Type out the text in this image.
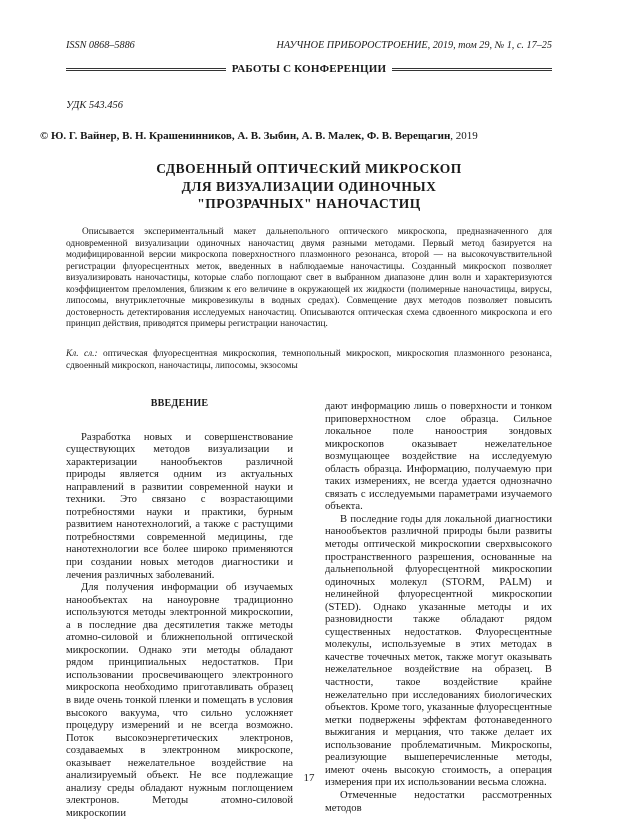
ISSN 0868–5886	НАУЧНОЕ ПРИБОРОСТРОЕНИЕ, 2019, том 29, № 1, с. 17–25
РАБОТЫ С КОНФЕРЕНЦИИ
УДК 543.456
© Ю. Г. Вайнер, В. Н. Крашенинников, А. В. Зыбин, А. В. Малек, Ф. В. Верещагин, 2019
СДВОЕННЫЙ ОПТИЧЕСКИЙ МИКРОСКОП
ДЛЯ ВИЗУАЛИЗАЦИИ ОДИНОЧНЫХ
"ПРОЗРАЧНЫХ" НАНОЧАСТИЦ
Описывается экспериментальный макет дальнепольного оптического микроскопа, предназначенного для одновременной визуализации одиночных наночастиц двумя разными методами. Первый метод базируется на модифицированной версии микроскопа поверхностного плазмонного резонанса, второй — на высокочувствительной регистрации флуоресцентных меток, введенных в наблюдаемые наночастицы. Созданный микроскоп позволяет визуализировать наночастицы, которые слабо поглощают свет в выбранном диапазоне длин волн и характеризуются коэффициентом преломления, близким к его величине в окружающей их жидкости (полимерные наночастицы, вирусы, липосомы, внутриклеточные микровезикулы в водных средах). Совмещение двух методов позволяет повысить достоверность детектирования исследуемых наночастиц. Описываются оптическая схема сдвоенного микроскопа и его принцип действия, приводятся примеры регистрации наночастиц.
Кл. сл.: оптическая флуоресцентная микроскопия, темнопольный микроскоп, микроскопия плазмонного резонанса, сдвоенный микроскоп, наночастицы, липосомы, экзосомы
ВВЕДЕНИЕ

Разработка новых и совершенствование существующих методов визуализации и характеризации нанообъектов различной природы является одним из актуальных направлений в развитии современной науки и техники. Это связано с возрастающими потребностями науки и практики, бурным развитием нанотехнологий, а также с растущими потребностями современной медицины, где нанотехнологии все более широко применяются при создании новых методов диагностики и лечения различных заболеваний.

Для получения информации об изучаемых нанообъектах на наноуровне традиционно используются методы электронной микроскопии, а в последние два десятилетия также методы атомно-силовой и ближнепольной оптической микроскопии. Однако эти методы обладают рядом принципиальных недостатков. При использовании просвечивающего электронного микроскопа необходимо приготавливать образец в виде очень тонкой пленки и помещать в условия высокого вакуума, что сильно усложняет процедуру измерений и не всегда возможно. Поток высокоэнергетических электронов, создаваемых в электронном микроскопе, оказывает нежелательное воздействие на анализируемый объект. Не все подлежащие анализу среды обладают нужным поглощением электронов. Методы атомно-силовой микроскопии

дают информацию лишь о поверхности и тонком приповерхностном слое образца. Сильное локальное поле наноострия зондовых микроскопов оказывает нежелательное возмущающее воздействие на исследуемую область образца. Информацию, получаемую при таких измерениях, не всегда удается однозначно связать с исследуемыми параметрами изучаемого объекта.

В последние годы для локальной диагностики нанообъектов различной природы были развиты методы оптической микроскопии сверхвысокого пространственного разрешения, основанные на дальнепольной флуоресцентной микроскопии одиночных молекул (STORM, PALM) и нелинейной флуоресцентной микроскопии (STED). Однако указанные методы и их разновидности также обладают рядом существенных недостатков. Флуоресцентные молекулы, используемые в этих методах в качестве точечных меток, также могут оказывать нежелательное воздействие на образец. В частности, такое воздействие крайне нежелательно при исследованиях биологических объектов. Кроме того, указанные флуоресцентные метки подвержены эффектам фотонаведенного выжигания и мерцания, что также делает их использование проблематичным. Микроскопы, реализующие вышеперечисленные методы, имеют очень высокую стоимость, а операция измерения при их использовании весьма сложна.

Отмеченные недостатки рассмотренных методов

17
